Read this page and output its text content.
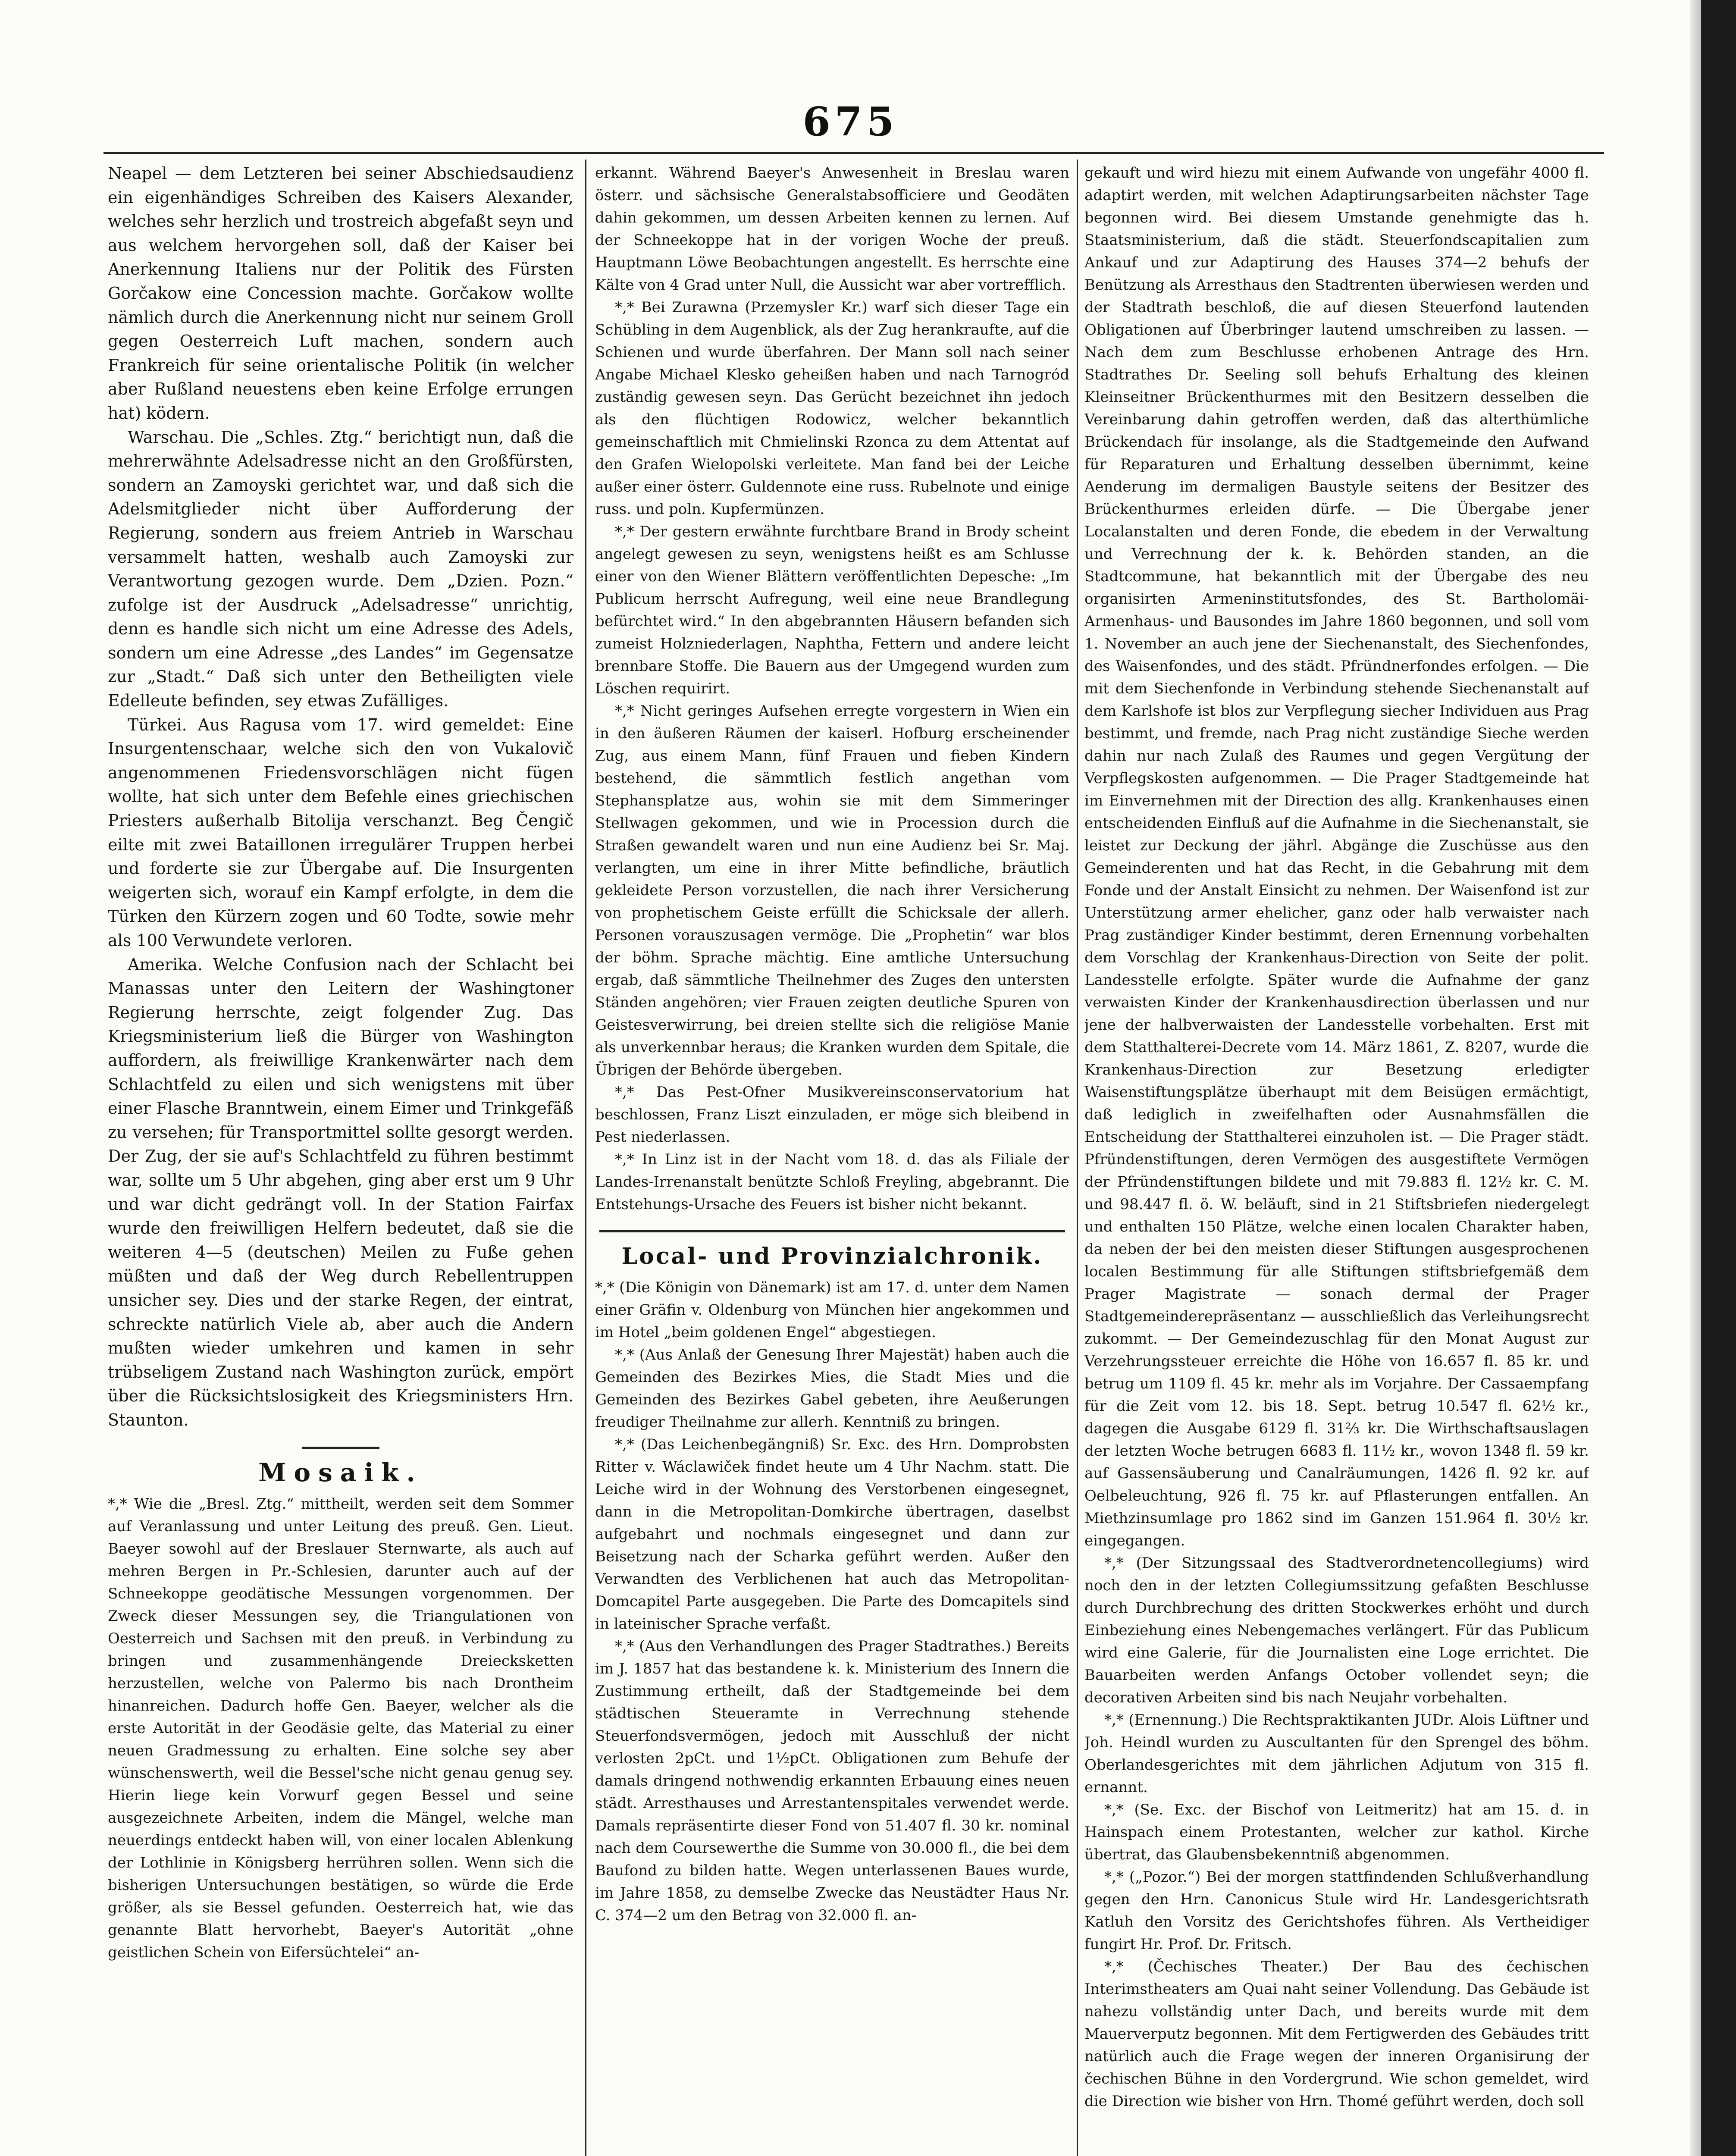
675

Neapel — dem Letzteren bei seiner Abschiedsaudienz ein eigenhändiges Schreiben des Kaisers Alexander, welches sehr herzlich und trostreich abgefaßt seyn und aus welchem hervorgehen soll, daß der Kaiser bei Anerkennung Italiens nur der Politik des Fürsten Gorčakow eine Concession machte. Gorčakow wollte nämlich durch die Anerkennung nicht nur seinem Groll gegen Oesterreich Luft machen, sondern auch Frankreich für seine orientalische Politik (in welcher aber Rußland neuestens eben keine Erfolge errungen hat) ködern.

Warschau. Die „Schles. Ztg.“ berichtigt nun, daß die mehrerwähnte Adelsadresse nicht an den Großfürsten, sondern an Zamoyski gerichtet war, und daß sich die Adelsmitglieder nicht über Aufforderung der Regierung, sondern aus freiem Antrieb in Warschau versammelt hatten, weshalb auch Zamoyski zur Verantwortung gezogen wurde. Dem „Dzien. Pozn.“ zufolge ist der Ausdruck „Adelsadresse“ unrichtig, denn es handle sich nicht um eine Adresse des Adels, sondern um eine Adresse „des Landes“ im Gegensatze zur „Stadt.“ Daß sich unter den Betheiligten viele Edelleute befinden, sey etwas Zufälliges.

Türkei. Aus Ragusa vom 17. wird gemeldet: Eine Insurgentenschaar, welche sich den von Vukalovič angenommenen Friedensvorschlägen nicht fügen wollte, hat sich unter dem Befehle eines griechischen Priesters außerhalb Bitolija verschanzt. Beg Čengič eilte mit zwei Bataillonen irregulärer Truppen herbei und forderte sie zur Übergabe auf. Die Insurgenten weigerten sich, worauf ein Kampf erfolgte, in dem die Türken den Kürzern zogen und 60 Todte, sowie mehr als 100 Verwundete verloren.

Amerika. Welche Confusion nach der Schlacht bei Manassas unter den Leitern der Washingtoner Regierung herrschte, zeigt folgender Zug. Das Kriegsministerium ließ die Bürger von Washington auffordern, als freiwillige Krankenwärter nach dem Schlachtfeld zu eilen und sich wenigstens mit über einer Flasche Branntwein, einem Eimer und Trinkgefäß zu versehen; für Transportmittel sollte gesorgt werden. Der Zug, der sie auf's Schlachtfeld zu führen bestimmt war, sollte um 5 Uhr abgehen, ging aber erst um 9 Uhr und war dicht gedrängt voll. In der Station Fairfax wurde den freiwilligen Helfern bedeutet, daß sie die weiteren 4—5 (deutschen) Meilen zu Fuße gehen müßten und daß der Weg durch Rebellentruppen unsicher sey. Dies und der starke Regen, der eintrat, schreckte natürlich Viele ab, aber auch die Andern mußten wieder umkehren und kamen in sehr trübseligem Zustand nach Washington zurück, empört über die Rücksichtslosigkeit des Kriegsministers Hrn. Staunton.

Mosaik.

*,* Wie die „Bresl. Ztg.“ mittheilt, werden seit dem Sommer auf Veranlassung und unter Leitung des preuß. Gen. Lieut. Baeyer sowohl auf der Breslauer Sternwarte, als auch auf mehren Bergen in Pr.-Schlesien, darunter auch auf der Schneekoppe geodätische Messungen vorgenommen. Der Zweck dieser Messungen sey, die Triangulationen von Oesterreich und Sachsen mit den preuß. in Verbindung zu bringen und zusammenhängende Dreiecksketten herzustellen, welche von Palermo bis nach Drontheim hinanreichen. Dadurch hoffe Gen. Baeyer, welcher als die erste Autorität in der Geodäsie gelte, das Material zu einer neuen Gradmessung zu erhalten. Eine solche sey aber wünschenswerth, weil die Bessel'sche nicht genau genug sey. Hierin liege kein Vorwurf gegen Bessel und seine ausgezeichnete Arbeiten, indem die Mängel, welche man neuerdings entdeckt haben will, von einer localen Ablenkung der Lothlinie in Königsberg herrühren sollen. Wenn sich die bisherigen Untersuchungen bestätigen, so würde die Erde größer, als sie Bessel gefunden. Oesterreich hat, wie das genannte Blatt hervorhebt, Baeyer's Autorität „ohne geistlichen Schein von Eifersüchtelei“ an-

erkannt. Während Baeyer's Anwesenheit in Breslau waren österr. und sächsische Generalstabsofficiere und Geodäten dahin gekommen, um dessen Arbeiten kennen zu lernen. Auf der Schneekoppe hat in der vorigen Woche der preuß. Hauptmann Löwe Beobachtungen angestellt. Es herrschte eine Kälte von 4 Grad unter Null, die Aussicht war aber vortrefflich.

*,* Bei Zurawna (Przemysler Kr.) warf sich dieser Tage ein Schübling in dem Augenblick, als der Zug herankraufte, auf die Schienen und wurde überfahren. Der Mann soll nach seiner Angabe Michael Klesko geheißen haben und nach Tarnogród zuständig gewesen seyn. Das Gerücht bezeichnet ihn jedoch als den flüchtigen Rodowicz, welcher bekanntlich gemeinschaftlich mit Chmielinski Rzonca zu dem Attentat auf den Grafen Wielopolski verleitete. Man fand bei der Leiche außer einer österr. Guldennote eine russ. Rubelnote und einige russ. und poln. Kupfermünzen.

*,* Der gestern erwähnte furchtbare Brand in Brody scheint angelegt gewesen zu seyn, wenigstens heißt es am Schlusse einer von den Wiener Blättern veröffentlichten Depesche: „Im Publicum herrscht Aufregung, weil eine neue Brandlegung befürchtet wird.“ In den abgebrannten Häusern befanden sich zumeist Holzniederlagen, Naphtha, Fettern und andere leicht brennbare Stoffe. Die Bauern aus der Umgegend wurden zum Löschen requirirt.

*,* Nicht geringes Aufsehen erregte vorgestern in Wien ein in den äußeren Räumen der kaiserl. Hofburg erscheinender Zug, aus einem Mann, fünf Frauen und fieben Kindern bestehend, die sämmtlich festlich angethan vom Stephansplatze aus, wohin sie mit dem Simmeringer Stellwagen gekommen, und wie in Procession durch die Straßen gewandelt waren und nun eine Audienz bei Sr. Maj. verlangten, um eine in ihrer Mitte befindliche, bräutlich gekleidete Person vorzustellen, die nach ihrer Versicherung von prophetischem Geiste erfüllt die Schicksale der allerh. Personen vorauszusagen vermöge. Die „Prophetin“ war blos der böhm. Sprache mächtig. Eine amtliche Untersuchung ergab, daß sämmtliche Theilnehmer des Zuges den untersten Ständen angehören; vier Frauen zeigten deutliche Spuren von Geistesverwirrung, bei dreien stellte sich die religiöse Manie als unverkennbar heraus; die Kranken wurden dem Spitale, die Übrigen der Behörde übergeben.

*,* Das Pest-Ofner Musikvereinsconservatorium hat beschlossen, Franz Liszt einzuladen, er möge sich bleibend in Pest niederlassen.

*,* In Linz ist in der Nacht vom 18. d. das als Filiale der Landes-Irrenanstalt benützte Schloß Freyling, abgebrannt. Die Entstehungs-Ursache des Feuers ist bisher nicht bekannt.

Local- und Provinzialchronik.

*,* (Die Königin von Dänemark) ist am 17. d. unter dem Namen einer Gräfin v. Oldenburg von München hier angekommen und im Hotel „beim goldenen Engel“ abgestiegen.

*,* (Aus Anlaß der Genesung Ihrer Majestät) haben auch die Gemeinden des Bezirkes Mies, die Stadt Mies und die Gemeinden des Bezirkes Gabel gebeten, ihre Aeußerungen freudiger Theilnahme zur allerh. Kenntniß zu bringen.

*,* (Das Leichenbegängniß) Sr. Exc. des Hrn. Domprobsten Ritter v. Wáclawiček findet heute um 4 Uhr Nachm. statt. Die Leiche wird in der Wohnung des Verstorbenen eingesegnet, dann in die Metropolitan-Domkirche übertragen, daselbst aufgebahrt und nochmals eingesegnet und dann zur Beisetzung nach der Scharka geführt werden. Außer den Verwandten des Verblichenen hat auch das Metropolitan-Domcapitel Parte ausgegeben. Die Parte des Domcapitels sind in lateinischer Sprache verfaßt.

*,* (Aus den Verhandlungen des Prager Stadtrathes.) Bereits im J. 1857 hat das bestandene k. k. Ministerium des Innern die Zustimmung ertheilt, daß der Stadtgemeinde bei dem städtischen Steueramte in Verrechnung stehende Steuerfondsvermögen, jedoch mit Ausschluß der nicht verlosten 2pCt. und 1½pCt. Obligationen zum Behufe der damals dringend nothwendig erkannten Erbauung eines neuen städt. Arresthauses und Arrestantenspitales verwendet werde. Damals repräsentirte dieser Fond von 51.407 fl. 30 kr. nominal nach dem Coursewerthe die Summe von 30.000 fl., die bei dem Baufond zu bilden hatte. Wegen unterlassenen Baues wurde, im Jahre 1858, zu demselbe Zwecke das Neustädter Haus Nr. C. 374—2 um den Betrag von 32.000 fl. an-

gekauft und wird hiezu mit einem Aufwande von ungefähr 4000 fl. adaptirt werden, mit welchen Adaptirungsarbeiten nächster Tage begonnen wird. Bei diesem Umstande genehmigte das h. Staatsministerium, daß die städt. Steuerfondscapitalien zum Ankauf und zur Adaptirung des Hauses 374—2 behufs der Benützung als Arresthaus den Stadtrenten überwiesen werden und der Stadtrath beschloß, die auf diesen Steuerfond lautenden Obligationen auf Überbringer lautend umschreiben zu lassen. — Nach dem zum Beschlusse erhobenen Antrage des Hrn. Stadtrathes Dr. Seeling soll behufs Erhaltung des kleinen Kleinseitner Brückenthurmes mit den Besitzern desselben die Vereinbarung dahin getroffen werden, daß das alterthümliche Brückendach für insolange, als die Stadtgemeinde den Aufwand für Reparaturen und Erhaltung desselben übernimmt, keine Aenderung im dermaligen Baustyle seitens der Besitzer des Brückenthurmes erleiden dürfe. — Die Übergabe jener Localanstalten und deren Fonde, die ebedem in der Verwaltung und Verrechnung der k. k. Behörden standen, an die Stadtcommune, hat bekanntlich mit der Übergabe des neu organisirten Armeninstitutsfondes, des St. Bartholomäi-Armenhaus- und Bausondes im Jahre 1860 begonnen, und soll vom 1. November an auch jene der Siechenanstalt, des Siechenfondes, des Waisenfondes, und des städt. Pfründnerfondes erfolgen. — Die mit dem Siechenfonde in Verbindung stehende Siechenanstalt auf dem Karlshofe ist blos zur Verpflegung siecher Individuen aus Prag bestimmt, und fremde, nach Prag nicht zuständige Sieche werden dahin nur nach Zulaß des Raumes und gegen Vergütung der Verpflegskosten aufgenommen. — Die Prager Stadtgemeinde hat im Einvernehmen mit der Direction des allg. Krankenhauses einen entscheidenden Einfluß auf die Aufnahme in die Siechenanstalt, sie leistet zur Deckung der jährl. Abgänge die Zuschüsse aus den Gemeinderenten und hat das Recht, in die Gebahrung mit dem Fonde und der Anstalt Einsicht zu nehmen. Der Waisenfond ist zur Unterstützung armer ehelicher, ganz oder halb verwaister nach Prag zuständiger Kinder bestimmt, deren Ernennung vorbehalten dem Vorschlag der Krankenhaus-Direction von Seite der polit. Landesstelle erfolgte. Später wurde die Aufnahme der ganz verwaisten Kinder der Krankenhausdirection überlassen und nur jene der halbverwaisten der Landesstelle vorbehalten. Erst mit dem Statthalterei-Decrete vom 14. März 1861, Z. 8207, wurde die Krankenhaus-Direction zur Besetzung erledigter Waisenstiftungsplätze überhaupt mit dem Beisügen ermächtigt, daß lediglich in zweifelhaften oder Ausnahmsfällen die Entscheidung der Statthalterei einzuholen ist. — Die Prager städt. Pfründenstiftungen, deren Vermögen des ausgestiftete Vermögen der Pfründenstiftungen bildete und mit 79.883 fl. 12½ kr. C. M. und 98.447 fl. ö. W. beläuft, sind in 21 Stiftsbriefen niedergelegt und enthalten 150 Plätze, welche einen localen Charakter haben, da neben der bei den meisten dieser Stiftungen ausgesprochenen localen Bestimmung für alle Stiftungen stiftsbriefgemäß dem Prager Magistrate — sonach dermal der Prager Stadtgemeinderepräsentanz — ausschließlich das Verleihungsrecht zukommt. — Der Gemeindezuschlag für den Monat August zur Verzehrungssteuer erreichte die Höhe von 16.657 fl. 85 kr. und betrug um 1109 fl. 45 kr. mehr als im Vorjahre. Der Cassaempfang für die Zeit vom 12. bis 18. Sept. betrug 10.547 fl. 62½ kr., dagegen die Ausgabe 6129 fl. 31⅔ kr. Die Wirthschaftsauslagen der letzten Woche betrugen 6683 fl. 11½ kr., wovon 1348 fl. 59 kr. auf Gassensäuberung und Canalräumungen, 1426 fl. 92 kr. auf Oelbeleuchtung, 926 fl. 75 kr. auf Pflasterungen entfallen. An Miethzinsumlage pro 1862 sind im Ganzen 151.964 fl. 30½ kr. eingegangen.

*,* (Der Sitzungssaal des Stadtverordnetencollegiums) wird noch den in der letzten Collegiumssitzung gefaßten Beschlusse durch Durchbrechung des dritten Stockwerkes erhöht und durch Einbeziehung eines Nebengemaches verlängert. Für das Publicum wird eine Galerie, für die Journalisten eine Loge errichtet. Die Bauarbeiten werden Anfangs October vollendet seyn; die decorativen Arbeiten sind bis nach Neujahr vorbehalten.

*,* (Ernennung.) Die Rechtspraktikanten JUDr. Alois Lüftner und Joh. Heindl wurden zu Auscultanten für den Sprengel des böhm. Oberlandesgerichtes mit dem jährlichen Adjutum von 315 fl. ernannt.

*,* (Se. Exc. der Bischof von Leitmeritz) hat am 15. d. in Hainspach einem Protestanten, welcher zur kathol. Kirche übertrat, das Glaubensbekenntniß abgenommen.

*,* („Pozor.“) Bei der morgen stattfindenden Schlußverhandlung gegen den Hrn. Canonicus Stule wird Hr. Landesgerichtsrath Katluh den Vorsitz des Gerichtshofes führen. Als Vertheidiger fungirt Hr. Prof. Dr. Fritsch.

*,* (Čechisches Theater.) Der Bau des čechischen Interimstheaters am Quai naht seiner Vollendung. Das Gebäude ist nahezu vollständig unter Dach, und bereits wurde mit dem Mauerverputz begonnen. Mit dem Fertigwerden des Gebäudes tritt natürlich auch die Frage wegen der inneren Organisirung der čechischen Bühne in den Vordergrund. Wie schon gemeldet, wird die Direction wie bisher von Hrn. Thomé geführt werden, doch soll
